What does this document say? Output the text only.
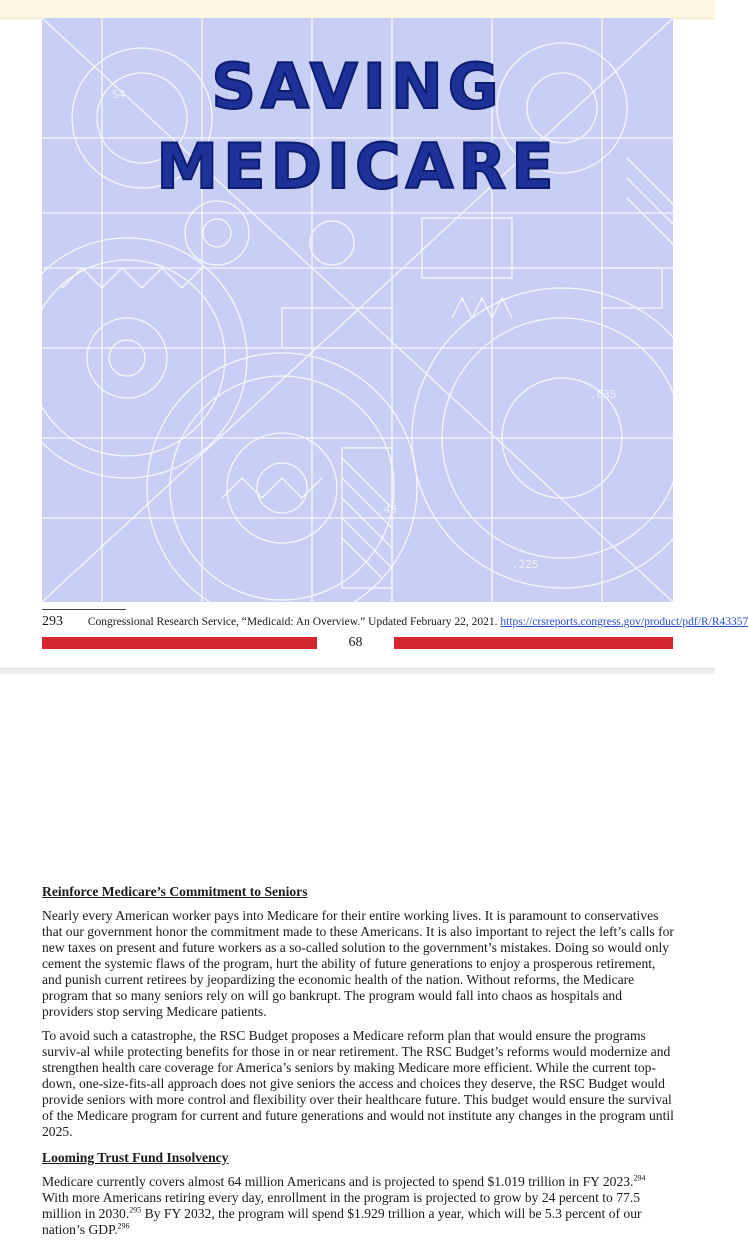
S4
.635
.48
.225
SAVING
MEDICARE
293 Congressional Research Service, “Medicaid: An Overview.” Updated February 22, 2021. https://crsreports.congress.gov/product/pdf/R/R43357
68
Reinforce Medicare’s Commitment to Seniors

Nearly every American worker pays into Medicare for their entire working lives. It is paramount to conservatives that our government honor the commitment made to these Americans. It is also important to reject the left’s calls for new taxes on present and future workers as a so-called solution to the government’s mistakes. Doing so would only cement the systemic flaws of the program, hurt the ability of future generations to enjoy a prosperous retirement, and punish current retirees by jeopardizing the economic health of the nation. Without reforms, the Medicare program that so many seniors rely on will go bankrupt. The program would fall into chaos as hospitals and providers stop serving Medicare patients.

To avoid such a catastrophe, the RSC Budget proposes a Medicare reform plan that would ensure the programs surviv-al while protecting benefits for those in or near retirement. The RSC Budget’s reforms would modernize and strengthen health care coverage for America’s seniors by making Medicare more efficient. While the current top-down, one-size-fits-all approach does not give seniors the access and choices they deserve, the RSC Budget would provide seniors with more control and flexibility over their healthcare future. This budget would ensure the survival of the Medicare program for current and future generations and would not institute any changes in the program until 2025.

Looming Trust Fund Insolvency

Medicare currently covers almost 64 million Americans and is projected to spend $1.019 trillion in FY 2023.$^{294}$ With more Americans retiring every day, enrollment in the program is projected to grow by 24 percent to 77.5 million in 2030.$^{295}$ By FY 2032, the program will spend $1.929 trillion a year, which will be 5.3 percent of our nation’s GDP.$^{296}$
